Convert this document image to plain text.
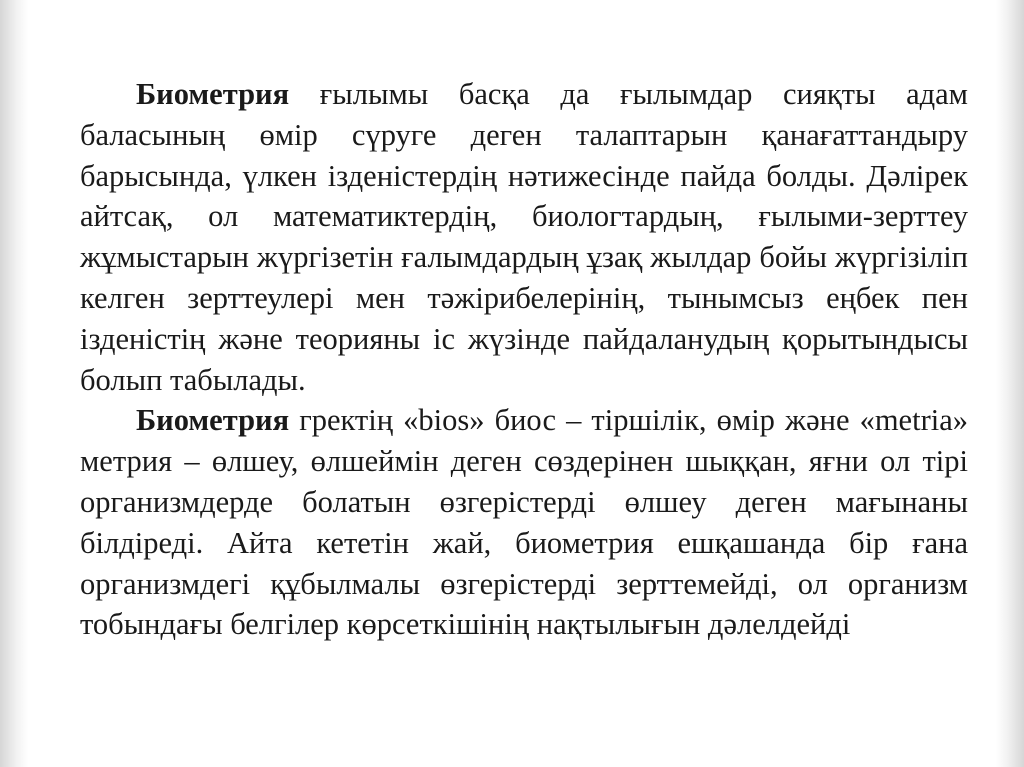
Биометрия ғылымы басқа да ғылымдар сияқты адам баласының өмір сүруге деген талаптарын қанағаттандыру барысында, үлкен ізденістердің нәтижесінде пайда болды. Дәлірек айтсақ, ол математиктердің, биологтардың, ғылыми-зерттеу жұмыстарын жүргізетін ғалымдардың ұзақ жылдар бойы жүргізіліп келген зерттеулері мен тәжірибелерінің, тынымсыз еңбек пен ізденістің және теорияны іс жүзінде пайдаланудың қорытындысы болып табылады.

Биометрия гректің «bios» биос – тіршілік, өмір және «metria» метрия – өлшеу, өлшеймін деген сөздерінен шыққан, яғни ол тірі организмдерде болатын өзгерістерді өлшеу деген мағынаны білдіреді. Айта кететін жай, биометрия ешқашанда бір ғана организмдегі құбылмалы өзгерістерді зерттемейді, ол организм тобындағы белгілер көрсеткішінің нақтылығын дәлелдейді
